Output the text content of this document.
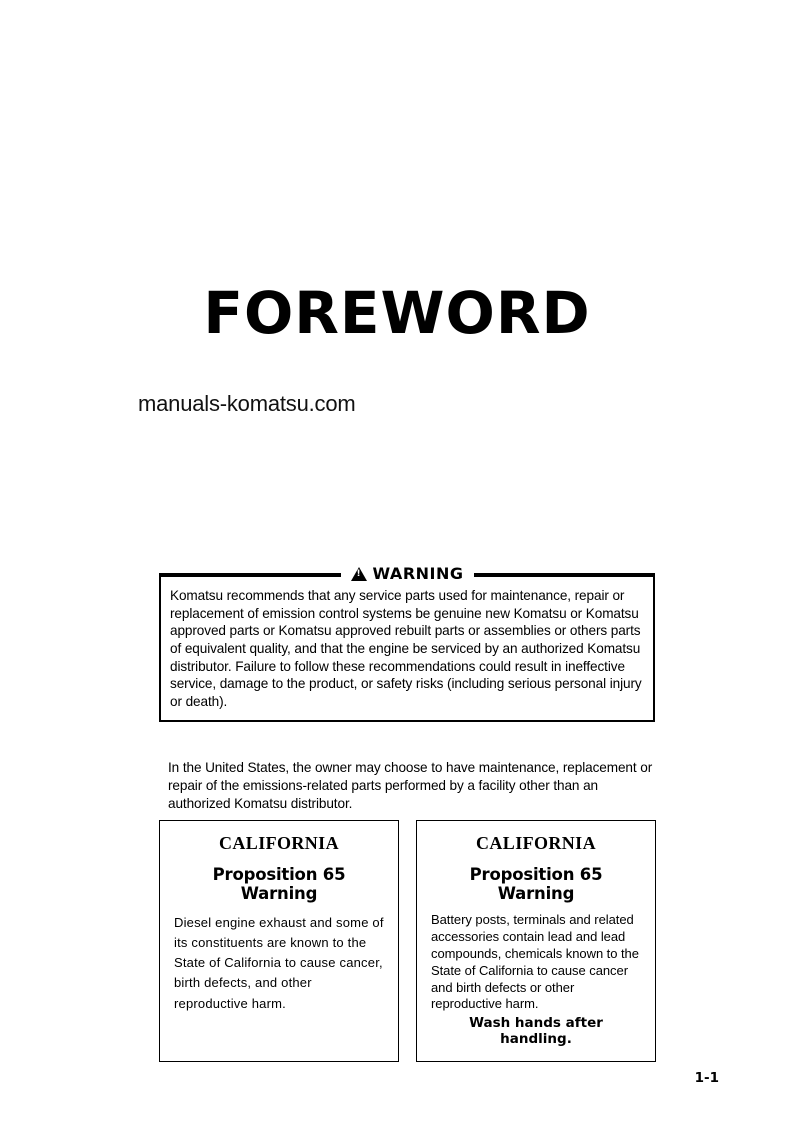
FOREWORD
manuals-komatsu.com
Komatsu recommends that any service parts used for maintenance, repair or replacement of emission control systems be genuine new Komatsu or Komatsu approved parts or Komatsu approved rebuilt parts or assemblies or others parts of equivalent quality, and that the engine be serviced by an authorized Komatsu distributor. Failure to follow these recommendations could result in ineffective service, damage to the product, or safety risks (including serious personal injury or death).
!
WARNING

In the United States, the owner may choose to have maintenance, replacement or repair of the emissions-related parts performed by a facility other than an authorized Komatsu distributor.

CALIFORNIA
Proposition 65 Warning
Diesel engine exhaust and some of its constituents are known to the State of California to cause cancer, birth defects, and other reproductive harm.
CALIFORNIA
Proposition 65 Warning
Battery posts, terminals and related accessories contain lead and lead compounds, chemicals known to the State of California to cause cancer and birth defects or other reproductive harm.
Wash hands after handling.
1-1
